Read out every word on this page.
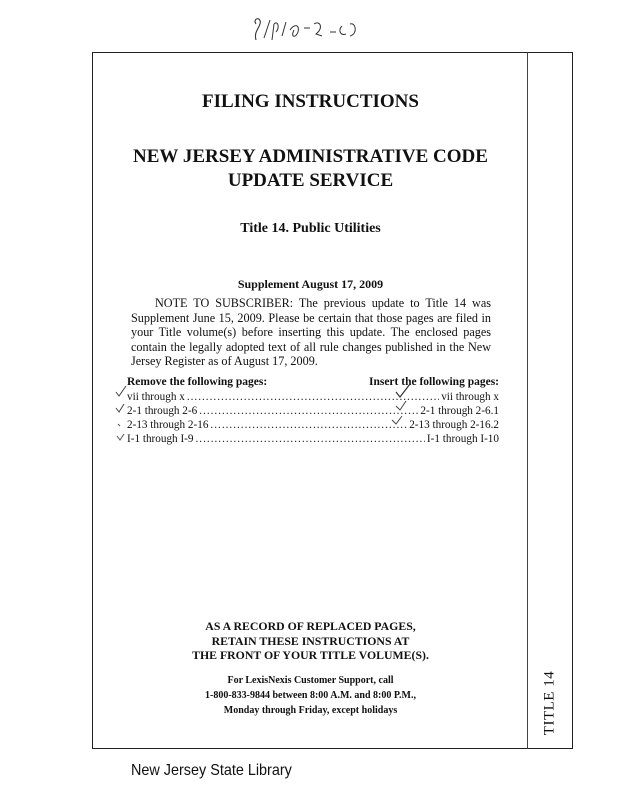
FILING INSTRUCTIONS
NEW JERSEY ADMINISTRATIVE CODE
UPDATE SERVICE
Title 14. Public Utilities
Supplement August 17, 2009
NOTE TO SUBSCRIBER: The previous update to Title 14 was Supplement June 15, 2009. Please be certain that those pages are filed in your Title volume(s) before inserting this update. The enclosed pages contain the legally adopted text of all rule changes published in the New Jersey Register as of August 17, 2009.
Remove the following pages:	Insert the following pages:
vii through x .....	vii through x
2-1 through 2-6 .....	2-1 through 2-6.1
2-13 through 2-16 .....	2-13 through 2-16.2
I-1 through I-9 .....	I-1 through I-10
AS A RECORD OF REPLACED PAGES,
RETAIN THESE INSTRUCTIONS AT
THE FRONT OF YOUR TITLE VOLUME(S).
For LexisNexis Customer Support, call
1-800-833-9844 between 8:00 A.M. and 8:00 P.M.,
Monday through Friday, except holidays	TITLE 14
New Jersey State Library
